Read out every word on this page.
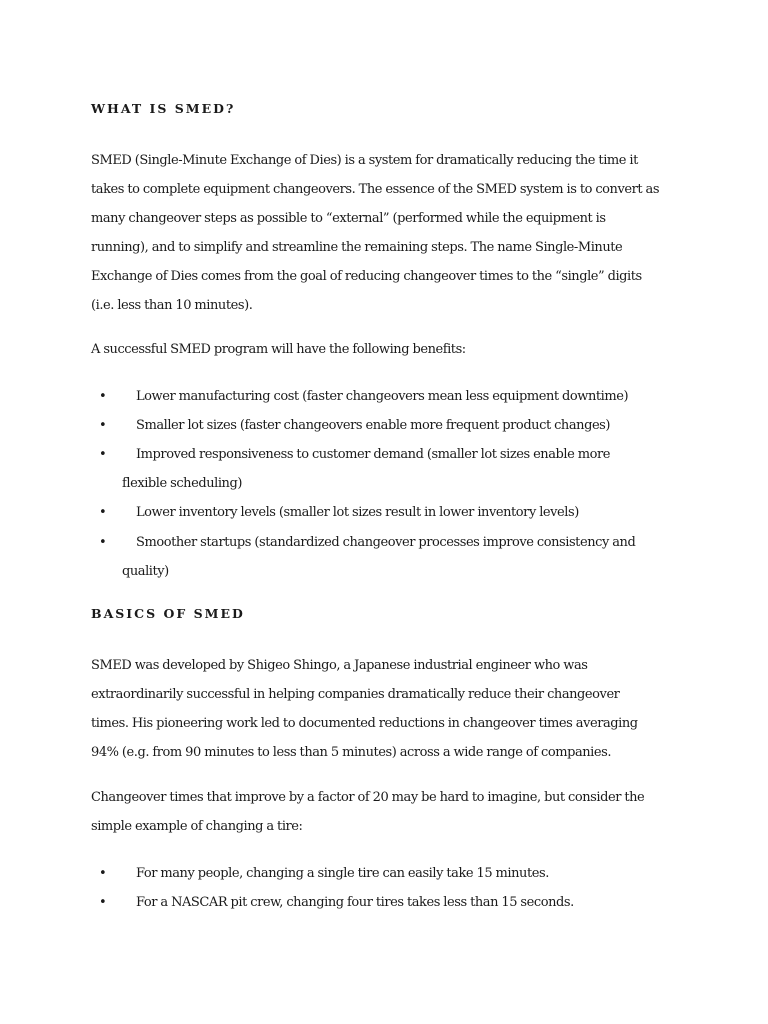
WHAT IS SMED?
SMED (Single-Minute Exchange of Dies) is a system for dramatically reducing the time it
takes to complete equipment changeovers. The essence of the SMED system is to convert as
many changeover steps as possible to “external” (performed while the equipment is
running), and to simplify and streamline the remaining steps. The name Single-Minute
Exchange of Dies comes from the goal of reducing changeover times to the “single” digits
(i.e. less than 10 minutes).
A successful SMED program will have the following benefits:
• Lower manufacturing cost (faster changeovers mean less equipment downtime)
• Smaller lot sizes (faster changeovers enable more frequent product changes)
• Improved responsiveness to customer demand (smaller lot sizes enable more
flexible scheduling)
• Lower inventory levels (smaller lot sizes result in lower inventory levels)
• Smoother startups (standardized changeover processes improve consistency and
quality)
BASICS OF SMED
SMED was developed by Shigeo Shingo, a Japanese industrial engineer who was
extraordinarily successful in helping companies dramatically reduce their changeover
times. His pioneering work led to documented reductions in changeover times averaging
94% (e.g. from 90 minutes to less than 5 minutes) across a wide range of companies.
Changeover times that improve by a factor of 20 may be hard to imagine, but consider the
simple example of changing a tire:
• For many people, changing a single tire can easily take 15 minutes.
• For a NASCAR pit crew, changing four tires takes less than 15 seconds.
